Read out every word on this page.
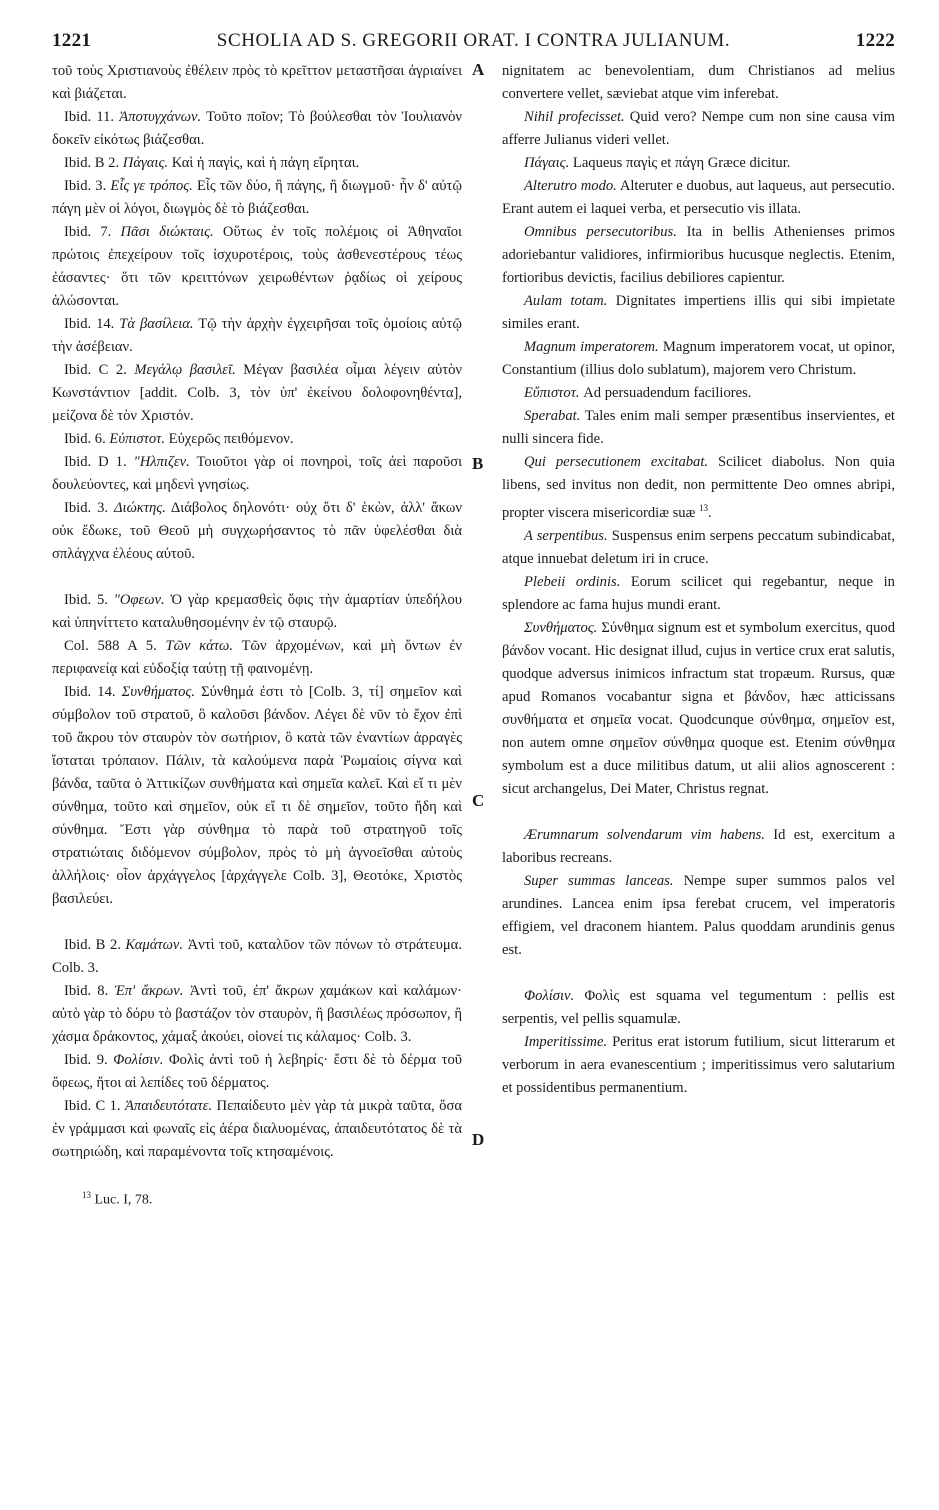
1221	SCHOLIA AD S. GREGORII ORAT. I CONTRA JULIANUM.	1222

τοῦ τοὺς Χριστιανοὺς ἐθέλειν πρὸς τὸ κρεῖττον μεταστῆσαι ἀγριαίνει καὶ βιάζεται.

Ibid. 11. Ἀποτυγχάνων. Τοῦτο ποῖον; Τὸ βούλεσθαι τὸν Ἰουλιανὸν δοκεῖν εἰκότως βιάζεσθαι.

Ibid. B 2. Πάγαις. Καὶ ἡ παγὶς, καὶ ἡ πάγη εἴρηται.

Ibid. 3. Εἷς γε τρόπος. Εἷς τῶν δύο, ἢ πάγης, ἢ διωγμοῦ· ἦν δ' αὐτῷ πάγη μὲν οἱ λόγοι, διωγμὸς δὲ τὸ βιάζεσθαι.

Ibid. 7. Πᾶσι διώκταις. Οὕτως ἐν τοῖς πολέμοις οἱ Ἀθηναῖοι πρώτοις ἐπεχείρουν τοῖς ἰσχυροτέροις, τοὺς ἀσθενεστέρους τέως ἐάσαντες· ὅτι τῶν κρειττόνων χειρωθέντων ῥᾳδίως οἱ χείρους ἁλώσονται.

Ibid. 14. Τὰ βασίλεια. Τῷ τὴν ἀρχὴν ἐγχειρῆσαι τοῖς ὁμοίοις αὐτῷ τὴν ἀσέβειαν.

Ibid. C 2. Μεγάλῳ βασιλεῖ. Μέγαν βασιλέα οἶμαι λέγειν αὐτὸν Κωνστάντιον [addit. Colb. 3, τὸν ὑπ' ἐκείνου δολοφονηθέντα], μείζονα δὲ τὸν Χριστόν.

Ibid. 6. Εὐπιστοτ. Εὐχερῶς πειθόμενον.

Ibid. D 1. "Ηλπιζεν. Τοιοῦτοι γὰρ οἱ πονηροὶ, τοῖς ἀεὶ παροῦσι δουλεύοντες, καὶ μηδενὶ γνησίως.

Ibid. 3. Διώκτης. Διάβολος δηλονότι· οὐχ ὅτι δ' ἑκὼν, ἀλλ' ἄκων οὐκ ἔδωκε, τοῦ Θεοῦ μὴ συγχωρήσαντος τὸ πᾶν ὑφελέσθαι διὰ σπλάγχνα ἐλέους αὐτοῦ.

Ibid. 5. "Οφεων. Ὁ γὰρ κρεμασθεὶς ὄφις τὴν ἁμαρτίαν ὑπεδήλου καὶ ὑπηνίττετο καταλυθησομένην ἐν τῷ σταυρῷ.

Col. 588 A 5. Τῶν κάτω. Τῶν ἀρχομένων, καὶ μὴ ὄντων ἐν περιφανείᾳ καὶ εὐδοξίᾳ ταύτῃ τῇ φαινομένῃ.

Ibid. 14. Συνθήματος. Σύνθημά ἐστι τὸ [Colb. 3, τί] σημεῖον καὶ σύμβολον τοῦ στρατοῦ, ὃ καλοῦσι βάνδον. Λέγει δὲ νῦν τὸ ἔχον ἐπὶ τοῦ ἄκρου τὸν σταυρὸν τὸν σωτήριον, ὃ κατὰ τῶν ἐναντίων ἀρραγὲς ἵσταται τρόπαιον. Πάλιν, τὰ καλούμενα παρὰ Ῥωμαίοις σίγνα καὶ βάνδα, ταῦτα ὁ Ἀττικίζων συνθήματα καὶ σημεῖα καλεῖ. Καὶ εἴ τι μὲν σύνθημα, τοῦτο καὶ σημεῖον, οὐκ εἴ τι δὲ σημεῖον, τοῦτο ἤδη καὶ σύνθημα. Ἔστι γὰρ σύνθημα τὸ παρὰ τοῦ στρατηγοῦ τοῖς στρατιώταις διδόμενον σύμβολον, πρὸς τὸ μὴ ἀγνοεῖσθαι αὐτοὺς ἀλλήλοις· οἷον ἀρχάγγελος [ἀρχάγγελε Colb. 3], Θεοτόκε, Χριστὸς βασιλεύει.

Ibid. B 2. Καμάτων. Ἀντὶ τοῦ, καταλῦον τῶν πόνων τὸ στράτευμα. Colb. 3.

Ibid. 8. Ἐπ' ἄκρων. Ἀντὶ τοῦ, ἐπ' ἄκρων χαμάκων καὶ καλάμων· αὐτὸ γὰρ τὸ δόρυ τὸ βαστάζον τὸν σταυρὸν, ἢ βασιλέως πρόσωπον, ἢ χάσμα δράκοντος, χάμαξ ἀκούει, οἱονεί τις κάλαμος· Colb. 3.

Ibid. 9. Φολίσιν. Φολὶς ἀντὶ τοῦ ἡ λεβηρίς· ἔστι δὲ τὸ δέρμα τοῦ ὄφεως, ἤτοι αἱ λεπίδες τοῦ δέρματος.

Ibid. C 1. Ἀπαιδευτότατε. Πεπαίδευτο μὲν γὰρ τὰ μικρὰ ταῦτα, ὅσα ἐν γράμμασι καὶ φωναῖς εἰς ἀέρα διαλυομένας, ἀπαιδευτότατος δὲ τὰ σωτηριώδη, καὶ παραμένοντα τοῖς κτησαμένοις.

A
B
C
D

nignitatem ac benevolentiam, dum Christianos ad melius convertere vellet, sæviebat atque vim inferebat.

Nihil profecisset. Quid vero? Nempe cum non sine causa vim afferre Julianus videri vellet.

Πάγαις. Laqueus παγὶς et πάγη Græce dicitur.

Alterutro modo. Alteruter e duobus, aut laqueus, aut persecutio. Erant autem ei laquei verba, et persecutio vis illata.

Omnibus persecutoribus. Ita in bellis Athenienses primos adoriebantur validiores, infirmioribus hucusque neglectis. Etenim, fortioribus devictis, facilius debiliores capientur.

Aulam totam. Dignitates impertiens illis qui sibi impietate similes erant.

Magnum imperatorem. Magnum imperatorem vocat, ut opinor, Constantium (illius dolo sublatum), majorem vero Christum.

Εὔπιστοτ. Ad persuadendum faciliores.

Sperabat. Tales enim mali semper præsentibus inservientes, et nulli sincera fide.

Qui persecutionem excitabat. Scilicet diabolus. Non quia libens, sed invitus non dedit, non permittente Deo omnes abripi, propter viscera misericordiæ suæ $^{13}$.

A serpentibus. Suspensus enim serpens peccatum subindicabat, atque innuebat deletum iri in cruce.

Plebeii ordinis. Eorum scilicet qui regebantur, neque in splendore ac fama hujus mundi erant.

Συνθήματος. Σύνθημα signum est et symbolum exercitus, quod βάνδον vocant. Hic designat illud, cujus in vertice crux erat salutis, quodque adversus inimicos infractum stat tropæum. Rursus, quæ apud Romanos vocabantur signa et βάνδον, hæc atticissans συνθήματα et σημεῖα vocat. Quodcunque σύνθημα, σημεῖον est, non autem omne σημεῖον σύνθημα quoque est. Etenim σύνθημα symbolum est a duce militibus datum, ut alii alios agnoscerent : sicut archangelus, Dei Mater, Christus regnat.

Ærumnarum solvendarum vim habens. Id est, exercitum a laboribus recreans.

Super summas lanceas. Nempe super summos palos vel arundines. Lancea enim ipsa ferebat crucem, vel imperatoris effigiem, vel draconem hiantem. Palus quoddam arundinis genus est.

Φολίσιν. Φολὶς est squama vel tegumentum : pellis est serpentis, vel pellis squamulæ.

Imperitissime. Peritus erat istorum futilium, sicut litterarum et verborum in aera evanescentium ; imperitissimus vero salutarium et possidentibus permanentium.

$^{13}$ Luc. I, 78.
